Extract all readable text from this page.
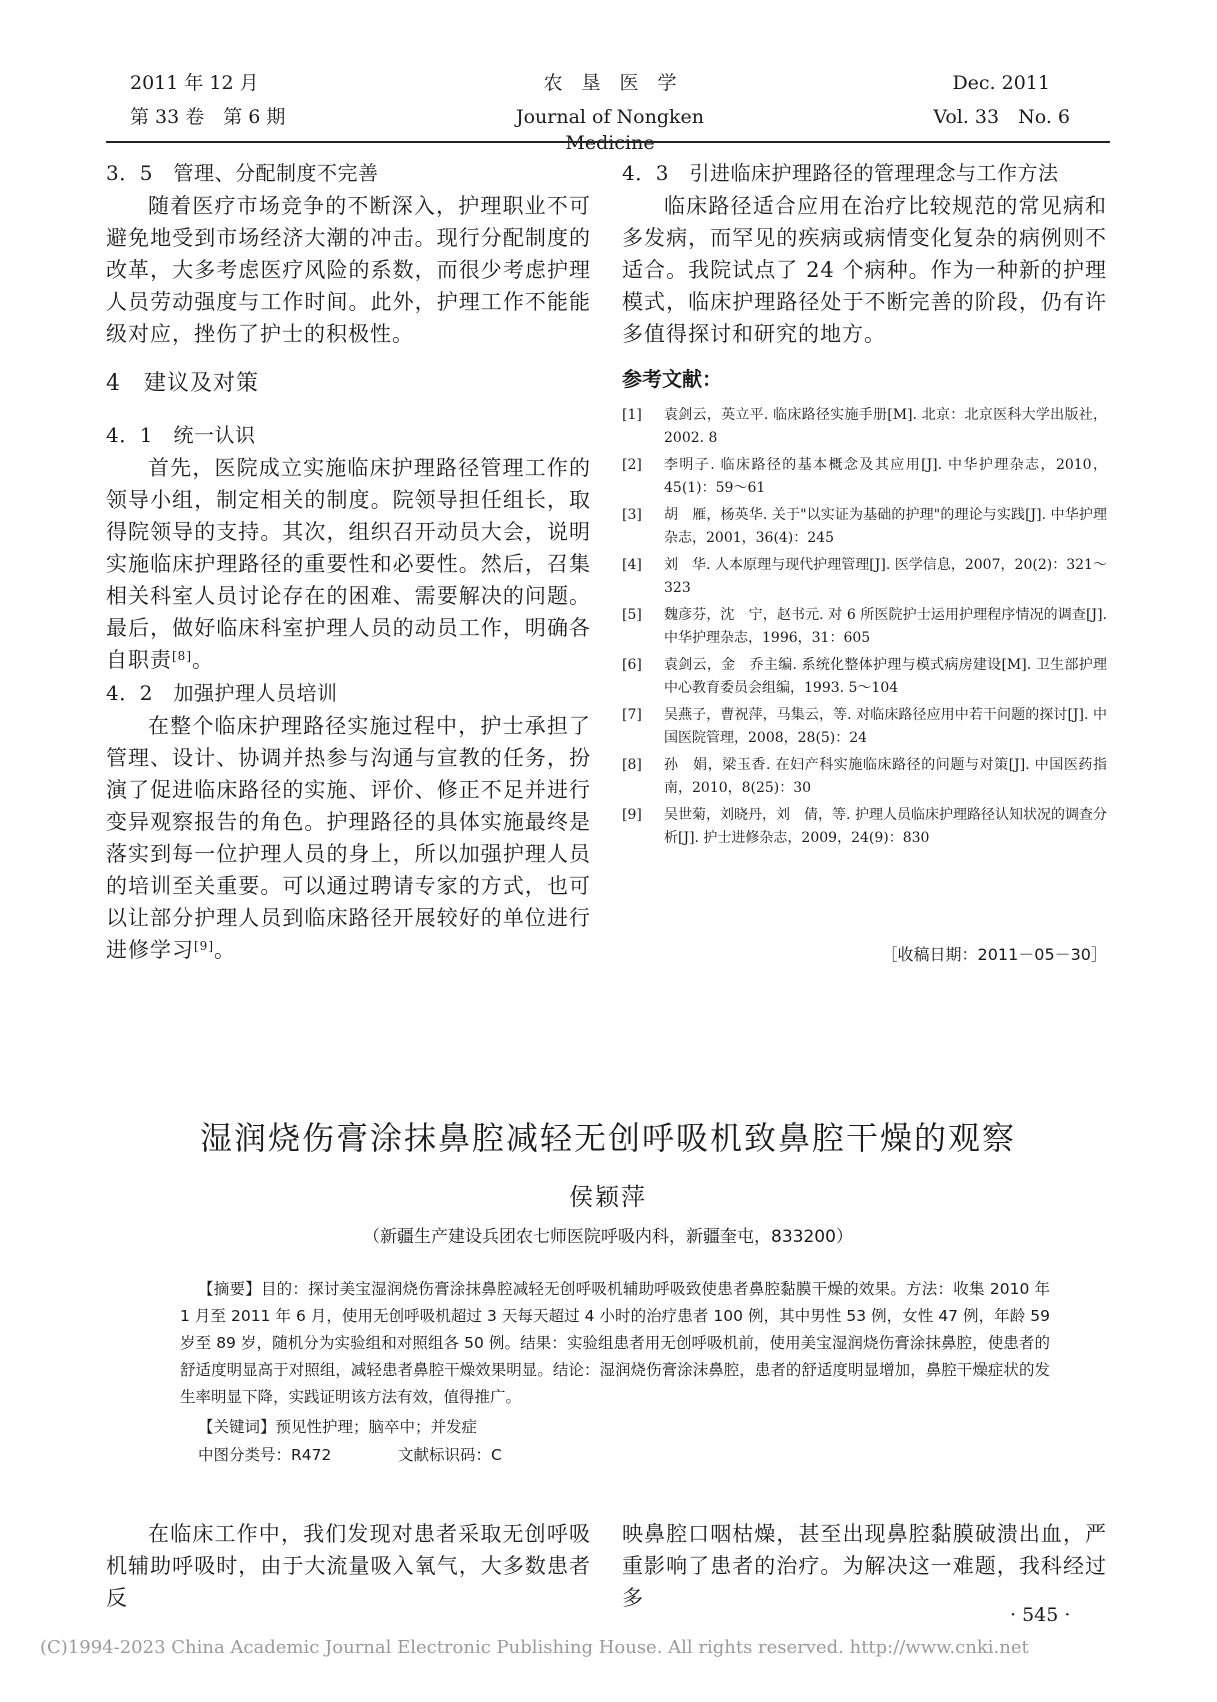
2011 年 12 月
第 33 卷　第 6 期
农　垦　医　学
Journal of Nongken Medicine
Dec. 2011
Vol. 33　No. 6
3．5　管理、分配制度不完善
随着医疗市场竞争的不断深入，护理职业不可避免地受到市场经济大潮的冲击。现行分配制度的改革，大多考虑医疗风险的系数，而很少考虑护理人员劳动强度与工作时间。此外，护理工作不能能级对应，挫伤了护士的积极性。
4　建议及对策
4．1　统一认识
首先，医院成立实施临床护理路径管理工作的领导小组，制定相关的制度。院领导担任组长，取得院领导的支持。其次，组织召开动员大会，说明实施临床护理路径的重要性和必要性。然后，召集相关科室人员讨论存在的困难、需要解决的问题。最后，做好临床科室护理人员的动员工作，明确各自职责[8]。
4．2　加强护理人员培训
在整个临床护理路径实施过程中，护士承担了管理、设计、协调并热参与沟通与宣教的任务，扮演了促进临床路径的实施、评价、修正不足并进行变异观察报告的角色。护理路径的具体实施最终是落实到每一位护理人员的身上，所以加强护理人员的培训至关重要。可以通过聘请专家的方式，也可以让部分护理人员到临床路径开展较好的单位进行进修学习[9]。
4．3　引进临床护理路径的管理理念与工作方法
临床路径适合应用在治疗比较规范的常见病和多发病，而罕见的疾病或病情变化复杂的病例则不适合。我院试点了 24 个病种。作为一种新的护理模式，临床护理路径处于不断完善的阶段，仍有许多值得探讨和研究的地方。
参考文献：
[1]	袁剑云，英立平. 临床路径实施手册[M]. 北京：北京医科大学出版社，2002. 8
[2]	李明子. 临床路径的基本概念及其应用[J]. 中华护理杂志，2010，45(1)：59～61
[3]	胡　雁，杨英华. 关于"以实证为基础的护理"的理论与实践[J]. 中华护理杂志，2001，36(4)：245
[4]	刘　华. 人本原理与现代护理管理[J]. 医学信息，2007，20(2)：321～323
[5]	魏彦芬，沈　宁，赵书元. 对 6 所医院护士运用护理程序情况的调查[J]. 中华护理杂志，1996，31：605
[6]	袁剑云，金　乔主编. 系统化整体护理与模式病房建设[M]. 卫生部护理中心教育委员会组编，1993. 5～104
[7]	吴燕子，曹祝萍，马集云，等. 对临床路径应用中若干问题的探讨[J]. 中国医院管理，2008，28(5)：24
[8]	孙　娟，梁玉香. 在妇产科实施临床路径的问题与对策[J]. 中国医药指南，2010，8(25)：30
[9]	吴世菊，刘晓丹，刘　倩，等. 护理人员临床护理路径认知状况的调查分析[J]. 护士进修杂志，2009，24(9)：830
［收稿日期：2011－05－30］
湿润烧伤膏涂抹鼻腔减轻无创呼吸机致鼻腔干燥的观察
侯颖萍
（新疆生产建设兵团农七师医院呼吸内科，新疆奎屯，833200）
【摘要】目的：探讨美宝湿润烧伤膏涂抹鼻腔减轻无创呼吸机辅助呼吸致使患者鼻腔黏膜干燥的效果。方法：收集 2010 年 1 月至 2011 年 6 月，使用无创呼吸机超过 3 天每天超过 4 小时的治疗患者 100 例，其中男性 53 例，女性 47 例，年龄 59 岁至 89 岁，随机分为实验组和对照组各 50 例。结果：实验组患者用无创呼吸机前，使用美宝湿润烧伤膏涂抹鼻腔，使患者的舒适度明显高于对照组，减轻患者鼻腔干燥效果明显。结论：湿润烧伤膏涂沫鼻腔，患者的舒适度明显增加，鼻腔干燥症状的发生率明显下降，实践证明该方法有效，值得推广。
【关键词】预见性护理；脑卒中；并发症
中图分类号：R472	文献标识码：C
在临床工作中，我们发现对患者采取无创呼吸机辅助呼吸时，由于大流量吸入氧气，大多数患者反
映鼻腔口咽枯燥，甚至出现鼻腔黏膜破溃出血，严重影响了患者的治疗。为解决这一难题，我科经过多
· 545 ·
(C)1994-2023 China Academic Journal Electronic Publishing House. All rights reserved. http://www.cnki.net
